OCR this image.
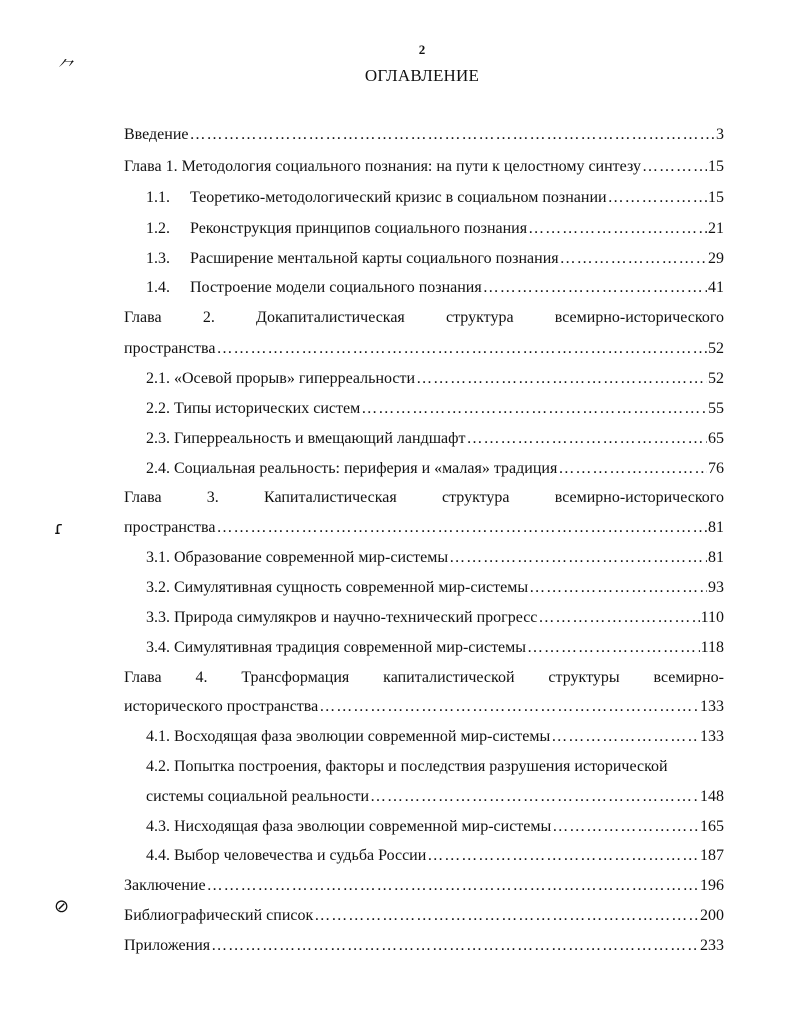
2
ОГЛАВЛЕНИЕ
⺈
ɾ
⊘
Введение ……………………………………………………………………………………………………………………………………………………………………………………	3
Глава 1. Методология социального познания: на пути к целостному синтезу ……………………………………………………………………………………………………………………………………………………………………………………	15
1.1. Теоретико-методологический кризис в социальном познании ……………………………………………………………………………………………………………………………………………………………………………………	15
1.2. Реконструкция принципов социального познания ……………………………………………………………………………………………………………………………………………………………………………………	21
1.3. Расширение ментальной карты социального познания ……………………………………………………………………………………………………………………………………………………………………………………	29
1.4. Построение модели социального познания ……………………………………………………………………………………………………………………………………………………………………………………	41
Глава	2.	Докапиталистическая	структура	всемирно-исторического
пространства ……………………………………………………………………………………………………………………………………………………………………………………	52
2.1. «Осевой прорыв» гиперреальности ……………………………………………………………………………………………………………………………………………………………………………………	52
2.2. Типы исторических систем ……………………………………………………………………………………………………………………………………………………………………………………	55
2.3. Гиперреальность и вмещающий ландшафт ……………………………………………………………………………………………………………………………………………………………………………………	65
2.4. Социальная реальность: периферия и «малая» традиция ……………………………………………………………………………………………………………………………………………………………………………………	76
Глава	3.	Капиталистическая	структура	всемирно-исторического
пространства ……………………………………………………………………………………………………………………………………………………………………………………	81
3.1. Образование современной мир-системы ……………………………………………………………………………………………………………………………………………………………………………………	81
3.2. Симулятивная сущность современной мир-системы ……………………………………………………………………………………………………………………………………………………………………………………	93
3.3. Природа симулякров и научно-технический прогресс ……………………………………………………………………………………………………………………………………………………………………………………	110
3.4. Симулятивная традиция современной мир-системы ……………………………………………………………………………………………………………………………………………………………………………………	118
Глава 4. Трансформация капиталистической структуры всемирно-
исторического пространства ……………………………………………………………………………………………………………………………………………………………………………………	133
4.1. Восходящая фаза эволюции современной мир-системы ……………………………………………………………………………………………………………………………………………………………………………………	133
4.2. Попытка построения, факторы и последствия разрушения исторической
системы социальной реальности ……………………………………………………………………………………………………………………………………………………………………………………	148
4.3. Нисходящая фаза эволюции современной мир-системы ……………………………………………………………………………………………………………………………………………………………………………………	165
4.4. Выбор человечества и судьба России ……………………………………………………………………………………………………………………………………………………………………………………	187
Заключение ……………………………………………………………………………………………………………………………………………………………………………………	196
Библиографический список ……………………………………………………………………………………………………………………………………………………………………………………	200
Приложения ……………………………………………………………………………………………………………………………………………………………………………………	233
